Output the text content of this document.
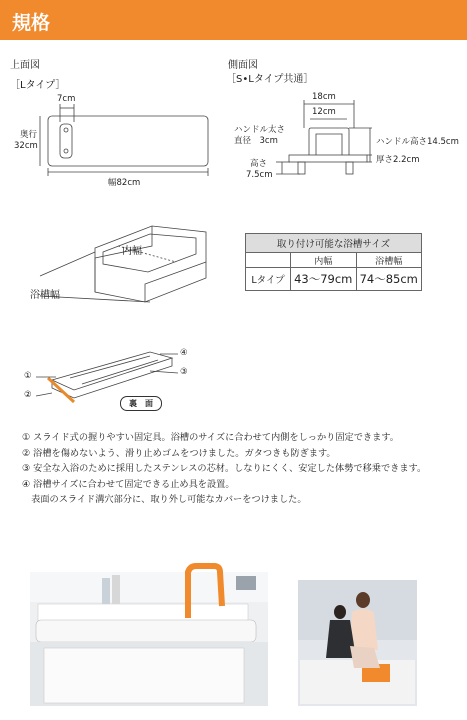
規格
上面図
［Lタイプ］
7cm
奥行
32cm
幅82cm
側面図
［S•Lタイプ共通］
18cm
12cm
ハンドル太さ
直径　3cm	ハンドル高さ14.5cm
厚さ2.2cm
高さ
7.5cm
内幅
浴槽幅
取り付け可能な浴槽サイズ		
	内幅	浴槽幅
Lタイプ	43〜79cm	74〜85cm
①
②
③
④
裏　面
① スライド式の握りやすい固定具。浴槽のサイズに合わせて内側をしっかり固定できます。
② 浴槽を傷めないよう、滑り止めゴムをつけました。ガタつきも防ぎます。
③ 安全な入浴のために採用したステンレスの芯材。しなりにくく、安定した体勢で移乗できます。
④ 浴槽サイズに合わせて固定できる止め具を設置。
　表面のスライド溝穴部分に、取り外し可能なカバーをつけました。
